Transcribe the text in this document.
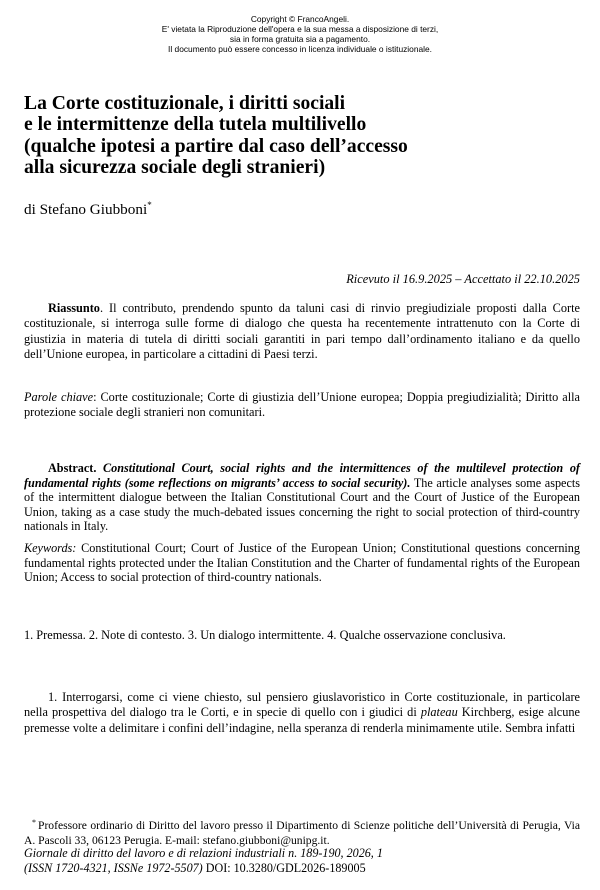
Copyright © FrancoAngeli.
E' vietata la Riproduzione dell'opera e la sua messa a disposizione di terzi,
sia in forma gratuita sia a pagamento.
Il documento può essere concesso in licenza individuale o istituzionale.
La Corte costituzionale, i diritti sociali
e le intermittenze della tutela multilivello
(qualche ipotesi a partire dal caso dell’accesso
alla sicurezza sociale degli stranieri)
di Stefano Giubboni*
Ricevuto il 16.9.2025 – Accettato il 22.10.2025

Riassunto. Il contributo, prendendo spunto da taluni casi di rinvio pregiudiziale proposti dalla Corte costituzionale, si interroga sulle forme di dialogo che questa ha recentemente intrattenuto con la Corte di giustizia in materia di tutela di diritti sociali garantiti in pari tempo dall’ordinamento italiano e da quello dell’Unione europea, in particolare a cittadini di Paesi terzi.

Parole chiave: Corte costituzionale; Corte di giustizia dell’Unione europea; Doppia pregiudizialità; Diritto alla protezione sociale degli stranieri non comunitari.

Abstract. Constitutional Court, social rights and the intermittences of the multilevel protection of fundamental rights (some reflections on migrants’ access to social security). The article analyses some aspects of the intermittent dialogue between the Italian Constitutional Court and the Court of Justice of the European Union, taking as a case study the much-debated issues concerning the right to social protection of third-country nationals in Italy.

Keywords: Constitutional Court; Court of Justice of the European Union; Constitutional questions concerning fundamental rights protected under the Italian Constitution and the Charter of fundamental rights of the European Union; Access to social protection of third-country nationals.

1. Premessa. 2. Note di contesto. 3. Un dialogo intermittente. 4. Qualche osservazione conclusiva.

1. Interrogarsi, come ci viene chiesto, sul pensiero giuslavoristico in Corte costituzionale, in particolare nella prospettiva del dialogo tra le Corti, e in specie di quello con i giudici di plateau Kirchberg, esige alcune premesse volte a delimitare i confini dell’indagine, nella speranza di renderla minimamente utile. Sembra infatti

* Professore ordinario di Diritto del lavoro presso il Dipartimento di Scienze politiche dell’Università di Perugia, Via A. Pascoli 33, 06123 Perugia. E-mail: stefano.giubboni@unipg.it.

Giornale di diritto del lavoro e di relazioni industriali n. 189-190, 2026, 1
(ISSN 1720-4321, ISSNe 1972-5507) DOI: 10.3280/GDL2026-189005
